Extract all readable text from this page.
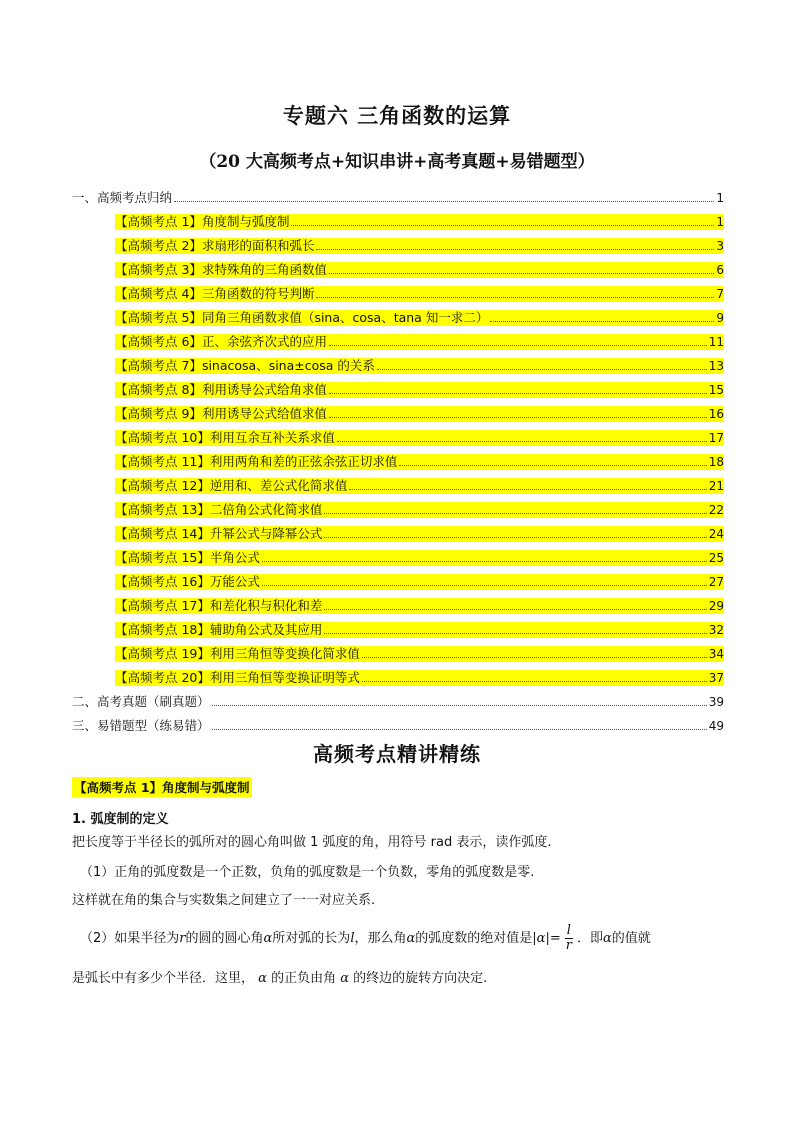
专题六 三角函数的运算
（20 大高频考点+知识串讲+高考真题+易错题型）
一、高频考点归纳	1
【高频考点 1】角度制与弧度制	1
【高频考点 2】求扇形的面积和弧长	3
【高频考点 3】求特殊角的三角函数值	6
【高频考点 4】三角函数的符号判断	7
【高频考点 5】同角三角函数求值（sina、cosa、tana 知一求二）	9
【高频考点 6】正、余弦齐次式的应用	11
【高频考点 7】sinacosa、sina±cosa 的关系	13
【高频考点 8】利用诱导公式给角求值	15
【高频考点 9】利用诱导公式给值求值	16
【高频考点 10】利用互余互补关系求值	17
【高频考点 11】利用两角和差的正弦余弦正切求值	18
【高频考点 12】逆用和、差公式化简求值	21
【高频考点 13】二倍角公式化简求值	22
【高频考点 14】升幂公式与降幂公式	24
【高频考点 15】半角公式	25
【高频考点 16】万能公式	27
【高频考点 17】和差化积与积化和差	29
【高频考点 18】辅助角公式及其应用	32
【高频考点 19】利用三角恒等变换化简求值	34
【高频考点 20】利用三角恒等变换证明等式	37
二、高考真题（刷真题）	39
三、易错题型（练易错）	49
高频考点精讲精练
【高频考点 1】角度制与弧度制
1. 弧度制的定义
把长度等于半径长的弧所对的圆心角叫做 1 弧度的角，用符号 rad 表示，读作弧度.
（1）正角的弧度数是一个正数，负角的弧度数是一个负数，零角的弧度数是零.
这样就在角的集合与实数集之间建立了一一对应关系.
（2）如果半径为 r 的圆的圆心角 α 所对弧的长为 l ，那么角 α 的弧度数的绝对值是 $|\alpha|= \frac{l}{r}$ ．即 α 的值就
是弧长中有多少个半径．这里， α 的正负由角 α 的终边的旋转方向决定.
